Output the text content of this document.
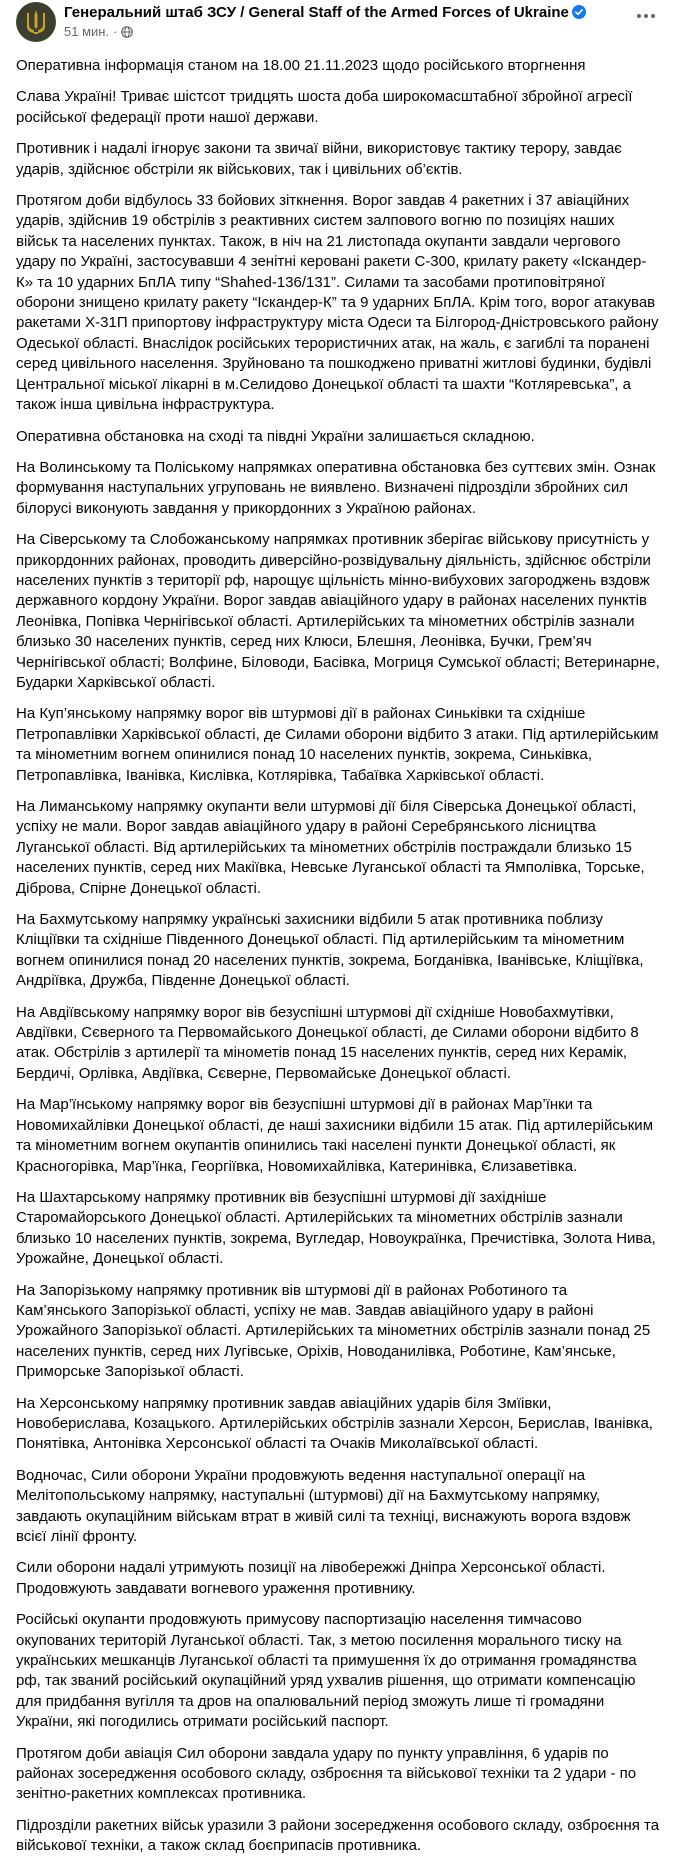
Генеральний штаб ЗСУ / General Staff of the Armed Forces of Ukraine
51 мин. ·

Оперативна інформація станом на 18.00 21.11.2023 щодо російського вторгнення

Слава Україні! Триває шістсот тридцять шоста доба широкомасштабної збройної агресії російської федерації проти нашої держави.

Противник і надалі ігнорує закони та звичаї війни, використовує тактику терору, завдає ударів, здійснює обстріли як військових, так і цивільних об’єктів.

Протягом доби відбулось 33 бойових зіткнення. Ворог завдав 4 ракетних і 37 авіаційних ударів, здійснив 19 обстрілів з реактивних систем залпового вогню по позиціях наших військ та населених пунктах. Також, в ніч на 21 листопада окупанти завдали чергового удару по Україні, застосувавши 4 зенітні керовані ракети С-300, крилату ракету «Іскандер-К» та 10 ударних БпЛА типу “Shahed-136/131”. Силами та засобами протиповітряної оборони знищено крилату ракету “Іскандер-К” та 9 ударних БпЛА. Крім того, ворог атакував ракетами Х-31П припортову інфраструктуру міста Одеси та Білгород-Дністровського району Одеської області. Внаслідок російських терористичних атак, на жаль, є загиблі та поранені серед цивільного населення. Зруйновано та пошкоджено приватні житлові будинки, будівлі Центральної міської лікарні в м.Селидово Донецької області та шахти “Котляревська”, а також інша цивільна інфраструктура.

Оперативна обстановка на сході та півдні України залишається складною.

На Волинському та Поліському напрямках оперативна обстановка без суттєвих змін. Ознак формування наступальних угруповань не виявлено. Визначені підрозділи збройних сил білорусі виконують завдання у прикордонних з Україною районах.

На Сіверському та Слобожанському напрямках противник зберігає військову присутність у прикордонних районах, проводить диверсійно-розвідувальну діяльність, здійснює обстріли населених пунктів з території рф, нарощує щільність мінно-вибухових загороджень вздовж державного кордону України. Ворог завдав авіаційного удару в районах населених пунктів Леонівка, Попівка Чернігівської області. Артилерійських та мінометних обстрілів зазнали близько 30 населених пунктів, серед них Клюси, Блешня, Леонівка, Бучки, Грем’яч Чернігівської області; Волфине, Біловоди, Басівка, Могриця Сумської області; Ветеринарне, Бударки Харківської області.

На Куп’янському напрямку ворог вів штурмові дії в районах Синьківки та східніше Петропавлівки Харківської області, де Силами оборони відбито 3 атаки. Під артилерійським та мінометним вогнем опинилися понад 10 населених пунктів, зокрема, Синьківка, Петропавлівка, Іванівка, Кислівка, Котлярівка, Табаївка Харківської області.

На Лиманському напрямку окупанти вели штурмові дії біля Сіверська Донецької області, успіху не мали. Ворог завдав авіаційного удару в районі Серебрянського лісництва Луганської області. Від артилерійських та мінометних обстрілів постраждали близько 15 населених пунктів, серед них Макіївка, Невське Луганської області та Ямполівка, Торське, Діброва, Спірне Донецької області.

На Бахмутському напрямку українські захисники відбили 5 атак противника поблизу Кліщіївки та східніше Південного Донецької області. Під артилерійським та мінометним вогнем опинилися понад 20 населених пунктів, зокрема, Богданівка, Іванівське, Кліщіївка, Андріївка, Дружба, Південне Донецької області.

На Авдіївському напрямку ворог вів безуспішні штурмові дії східніше Новобахмутівки, Авдіївки, Сєверного та Первомайського Донецької області, де Силами оборони відбито 8 атак. Обстрілів з артилерії та мінометів понад 15 населених пунктів, серед них Керамік, Бердичі, Орлівка, Авдіївка, Сєверне, Первомайське Донецької області.

На Мар’їнському напрямку ворог вів безуспішні штурмові дії в районах Мар’їнки та Новомихайлівки Донецької області, де наші захисники відбили 15 атак. Під артилерійським та мінометним вогнем окупантів опинились такі населені пункти Донецької області, як Красногорівка, Мар’їнка, Георгіївка, Новомихайлівка, Катеринівка, Єлизаветівка.

На Шахтарському напрямку противник вів безуспішні штурмові дії західніше Старомайорського Донецької області. Артилерійських та мінометних обстрілів зазнали близько 10 населених пунктів, зокрема, Вугледар, Новоукраїнка, Пречистівка, Золота Нива, Урожайне, Донецької області.

На Запорізькому напрямку противник вів штурмові дії в районах Роботиного та Кам’янського Запорізької області, успіху не мав. Завдав авіаційного удару в районі Урожайного Запорізької області. Артилерійських та мінометних обстрілів зазнали понад 25 населених пунктів, серед них Лугівське, Оріхів, Новоданилівка, Роботине, Кам’янське, Приморське Запорізької області.

На Херсонському напрямку противник завдав авіаційних ударів біля Змїівки, Новоберислава, Козацького. Артилерійських обстрілів зазнали Херсон, Берислав, Іванівка, Понятівка, Антонівка Херсонської області та Очаків Миколаївської області.

Водночас, Сили оборони України продовжують ведення наступальної операції на Мелітопольському напрямку, наступальні (штурмові) дії на Бахмутському напрямку, завдають окупаційним військам втрат в живій силі та техніці, виснажують ворога вздовж всієї лінії фронту.

Сили оборони надалі утримують позиції на лівобережжі Дніпра Херсонської області. Продовжують завдавати вогневого ураження противнику.

Російські окупанти продовжують примусову паспортизацію населення тимчасово окупованих територій Луганської області. Так, з метою посилення морального тиску на українських мешканців Луганської області та примушення їх до отримання громадянства рф, так званий російський окупаційний уряд ухвалив рішення, що отримати компенсацію для придбання вугілля та дров на опалювальний період зможуть лише ті громадяни України, які погодились отримати російський паспорт.

Протягом доби авіація Сил оборони завдала удару по пункту управління, 6 ударів по районах зосередження особового складу, озброєння та військової техніки та 2 удари - по зенітно-ракетних комплексах противника.

Підрозділи ракетних військ уразили 3 райони зосередження особового складу, озброєння та військової техніки, а також склад боєприпасів противника.
